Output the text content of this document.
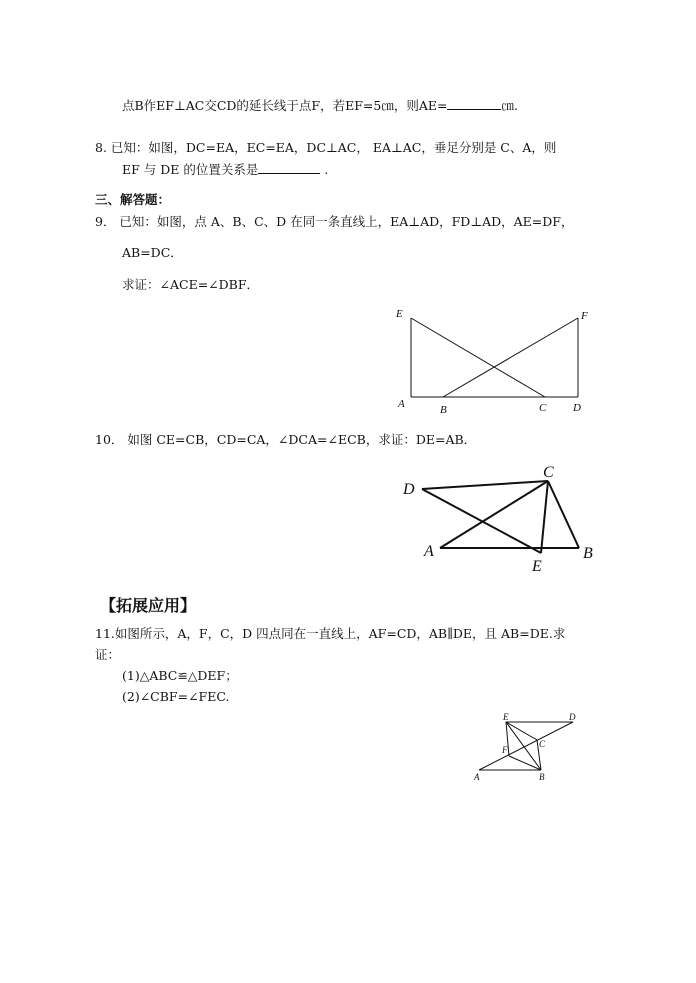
点B作EF⊥AC交CD的延长线于点F，若EF=5㎝，则AE=	㎝.
8. 已知：如图，DC=EA，EC=EA，DC⊥AC， EA⊥AC，垂足分别是 C、A，则
EF 与 DE 的位置关系是	.
三、解答题：
9． 已知：如图，点 A、B、C、D 在同一条直线上，EA⊥AD，FD⊥AD，AE=DF，
AB=DC．
求证：∠ACE=∠DBF．
E	F
A	B	C D
10． 如图 CE=CB，CD=CA，∠DCA=∠ECB，求证：DE=AB．
D
C
A
E
B
【拓展应用】
11.如图所示，A，F，C，D 四点同在一直线上，AF=CD，AB∥DE，且 AB=DE.求
证：
(1)△ABC≌△DEF；
(2)∠CBF=∠FEC.
E	D
F
C
A	B
